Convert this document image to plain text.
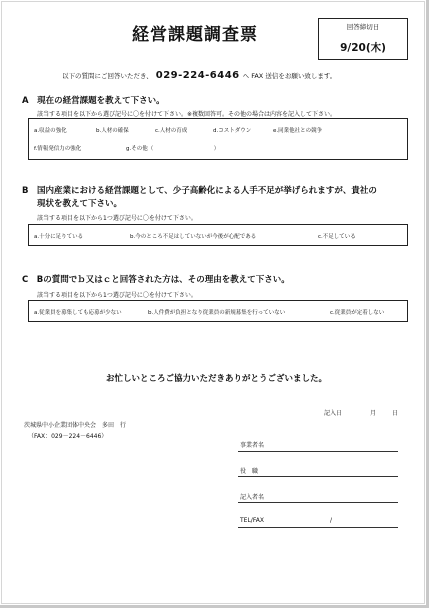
経営課題調査票	回答締切日
9/20(木)
以下の質問にご回答いただき、 029-224-6446 へ FAX 送信をお願い致します。
A　現在の経営課題を教えて下さい。
該当する項目を以下から選び記号に〇を付けて下さい。※複数回答可。その他の場合は内容を記入して下さい。
a.収益の強化	b.人材の確保	c.人材の育成	d.コストダウン	e.同業他社との競争
f.情報発信力の強化	g.その他（　　　　　　　　　　　）
B　国内産業における経営課題として、少子高齢化による人手不足が挙げられますが、貴社の
現状を教えて下さい。
該当する項目を以下から1つ選び記号に〇を付けて下さい。
a.十分に足りている	b.今のところ不足はしていないが今後が心配である	c.不足している
C　Bの質問でｂ又はｃと回答された方は、その理由を教えて下さい。
該当する項目を以下から1つ選び記号に〇を付けて下さい。
a.従業員を募集しても応募が少ない	b.人件費が負担となり従業員の新規募集を行っていない	c.従業員が定着しない
お忙しいところご協力いただきありがとうございました。
記入日	月	日
茨城県中小企業団体中央会　多田　行
（FAX：029－224－6446）
事業者名
役　職
記入者名
TEL/FAX	/
